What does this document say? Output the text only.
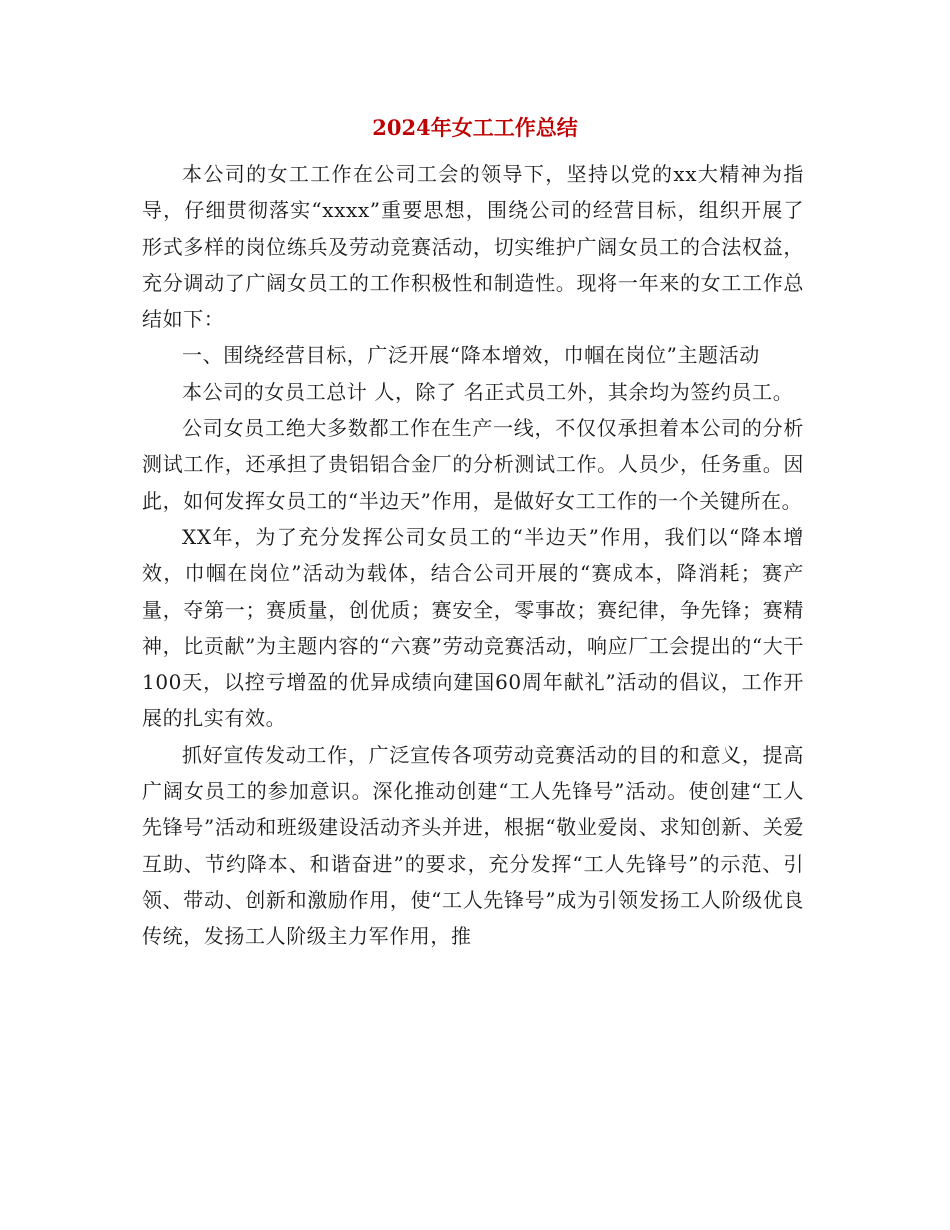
2024年女工工作总结

本公司的女工工作在公司工会的领导下，坚持以党的xx大精神为指导，仔细贯彻落实“xxxx”重要思想，围绕公司的经营目标，组织开展了形式多样的岗位练兵及劳动竞赛活动，切实维护广阔女员工的合法权益，充分调动了广阔女员工的工作积极性和制造性。现将一年来的女工工作总结如下：

一、围绕经营目标，广泛开展“降本增效，巾帼在岗位”主题活动

本公司的女员工总计 人，除了 名正式员工外，其余均为签约员工。

公司女员工绝大多数都工作在生产一线，不仅仅承担着本公司的分析测试工作，还承担了贵铝铝合金厂的分析测试工作。人员少，任务重。因此，如何发挥女员工的“半边天”作用，是做好女工工作的一个关键所在。

XX年，为了充分发挥公司女员工的“半边天”作用，我们以“降本增效，巾帼在岗位”活动为载体，结合公司开展的“赛成本，降消耗；赛产量，夺第一；赛质量，创优质；赛安全，零事故；赛纪律，争先锋；赛精神，比贡献”为主题内容的“六赛”劳动竞赛活动，响应厂工会提出的“大干100天，以控亏增盈的优异成绩向建国60周年献礼”活动的倡议，工作开展的扎实有效。

抓好宣传发动工作，广泛宣传各项劳动竞赛活动的目的和意义，提高广阔女员工的参加意识。深化推动创建“工人先锋号”活动。使创建“工人先锋号”活动和班级建设活动齐头并进，根据“敬业爱岗、求知创新、关爱互助、节约降本、和谐奋进”的要求，充分发挥“工人先锋号”的示范、引领、带动、创新和激励作用，使“工人先锋号”成为引领发扬工人阶级优良传统，发扬工人阶级主力军作用，推
